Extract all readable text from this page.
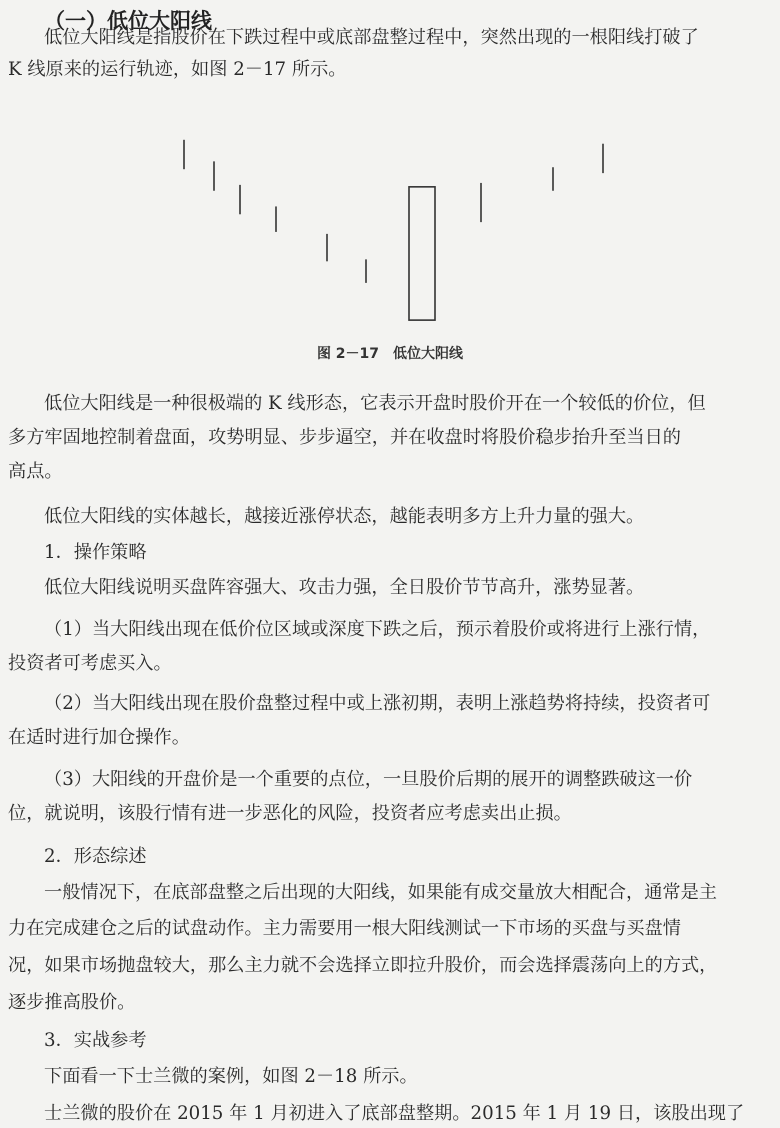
（一）低位大阳线
低位大阳线是指股价在下跌过程中或底部盘整过程中，突然出现的一根阳线打破了
K 线原来的运行轨迹，如图 2－17 所示。
图 2－17　低位大阳线
低位大阳线是一种很极端的 K 线形态，它表示开盘时股价开在一个较低的价位，但
多方牢固地控制着盘面，攻势明显、步步逼空，并在收盘时将股价稳步抬升至当日的
高点。
低位大阳线的实体越长，越接近涨停状态，越能表明多方上升力量的强大。
1．操作策略
低位大阳线说明买盘阵容强大、攻击力强，全日股价节节高升，涨势显著。
（1）当大阳线出现在低价位区域或深度下跌之后，预示着股价或将进行上涨行情，
投资者可考虑买入。
（2）当大阳线出现在股价盘整过程中或上涨初期，表明上涨趋势将持续，投资者可
在适时进行加仓操作。
（3）大阳线的开盘价是一个重要的点位，一旦股价后期的展开的调整跌破这一价
位，就说明，该股行情有进一步恶化的风险，投资者应考虑卖出止损。
2．形态综述
一般情况下，在底部盘整之后出现的大阳线，如果能有成交量放大相配合，通常是主
力在完成建仓之后的试盘动作。主力需要用一根大阳线测试一下市场的买盘与买盘情
况，如果市场抛盘较大，那么主力就不会选择立即拉升股价，而会选择震荡向上的方式，
逐步推高股价。
3．实战参考
下面看一下士兰微的案例，如图 2－18 所示。
士兰微的股价在 2015 年 1 月初进入了底部盘整期。2015 年 1 月 19 日，该股出现了
